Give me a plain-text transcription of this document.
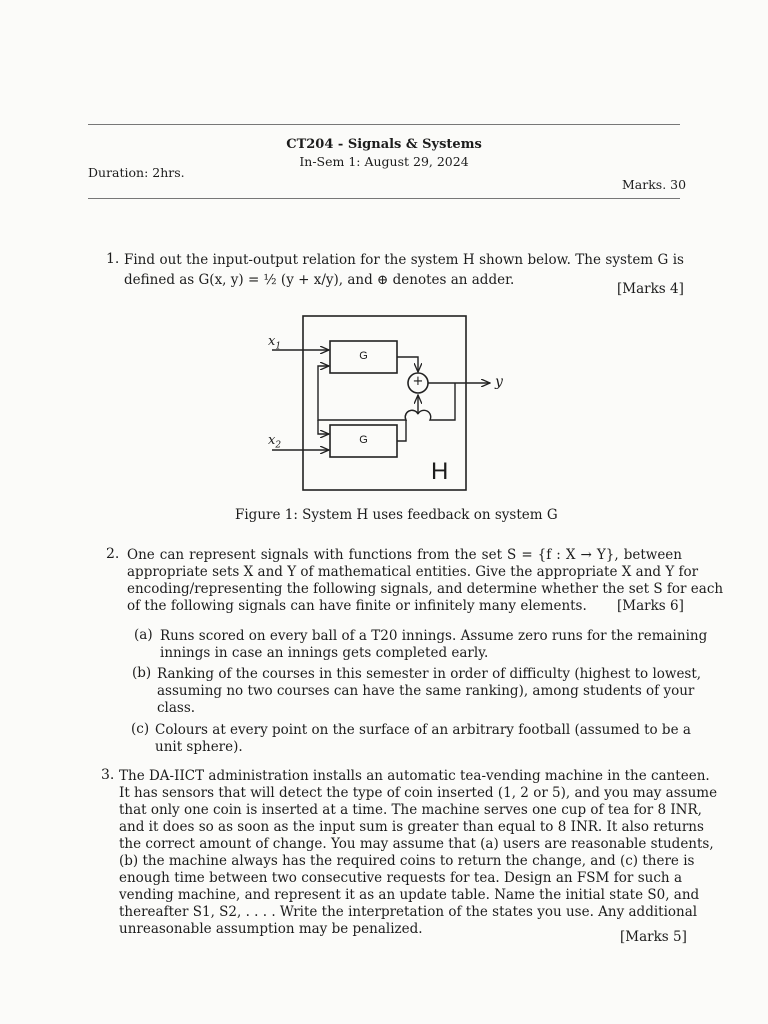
CT204 - Signals & Systems
In-Sem 1: August 29, 2024
Duration: 2hrs.
Marks. 30
1. Find out the input-output relation for the system H shown below. The system G is
defined as G(x, y) = ½ (y + x/y), and ⊕ denotes an adder.
[Marks 4]
$x_1$
$x_2$
y
G
G
+
H
Figure 1: System H uses feedback on system G
2. One can represent signals with functions from the set S = {f : X → Y}, between
appropriate sets X and Y of mathematical entities. Give the appropriate X and Y for
encoding/representing the following signals, and determine whether the set S for each
of the following signals can have finite or infinitely many elements.	[Marks 6]
(a) Runs scored on every ball of a T20 innings. Assume zero runs for the remaining
innings in case an innings gets completed early.
(b) Ranking of the courses in this semester in order of difficulty (highest to lowest,
assuming no two courses can have the same ranking), among students of your
class.
(c) Colours at every point on the surface of an arbitrary football (assumed to be a
unit sphere).
3. The DA-IICT administration installs an automatic tea-vending machine in the canteen.
It has sensors that will detect the type of coin inserted (1, 2 or 5), and you may assume
that only one coin is inserted at a time. The machine serves one cup of tea for 8 INR,
and it does so as soon as the input sum is greater than equal to 8 INR. It also returns
the correct amount of change. You may assume that (a) users are reasonable students,
(b) the machine always has the required coins to return the change, and (c) there is
enough time between two consecutive requests for tea. Design an FSM for such a
vending machine, and represent it as an update table. Name the initial state S0, and
thereafter S1, S2, . . . . Write the interpretation of the states you use. Any additional
unreasonable assumption may be penalized.	[Marks 5]
